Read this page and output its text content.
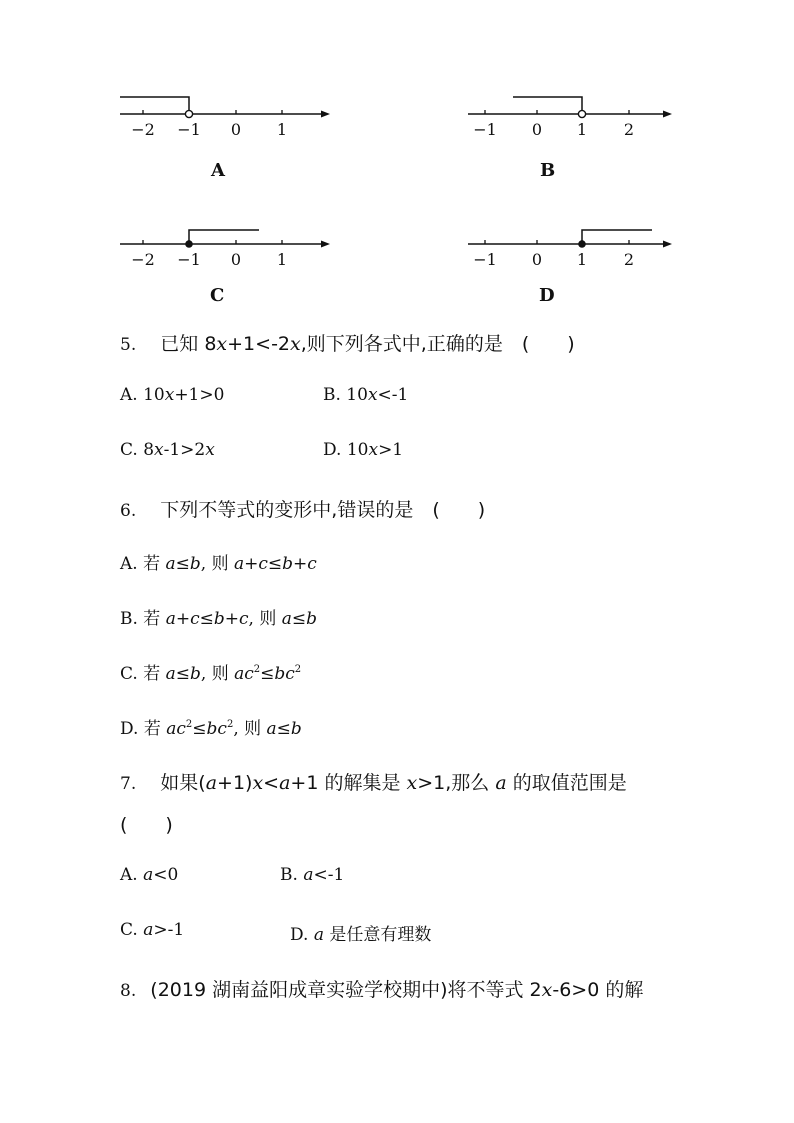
−2 −1 0 1
A
−1 0 1 2
B
−2 −1 0 1
C
−1 0 1 2
D
5. 已知 8x+1<-2x,则下列各式中,正确的是　(　　)
A. 10x+1>0	B. 10x<-1
C. 8x-1>2x	D. 10x>1
6. 下列不等式的变形中,错误的是　(　　)
A. 若 a≤b, 则 a+c≤b+c
B. 若 a+c≤b+c, 则 a≤b
C. 若 a≤b, 则 $ac^2\le bc^2$
D. 若 $ac^2\le bc^2$, 则 a≤b
7. 如果(a+1)x<a+1 的解集是 x>1,那么 a 的取值范围是
(　　)
A. a<0	B. a<-1
C. a>-1	D. a 是任意有理数
8. (2019 湖南益阳成章实验学校期中)将不等式 2x-6>0 的解
